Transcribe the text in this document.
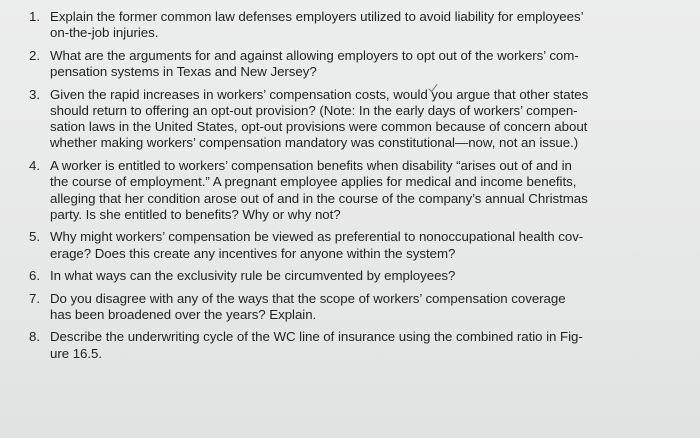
1. Explain the former common law defenses employers utilized to avoid liability for employees’
on-the-job injuries.
2. What are the arguments for and against allowing employers to opt out of the workers’ com-
pensation systems in Texas and New Jersey?
3. Given the rapid increases in workers’ compensation costs, would you argue that other states
should return to offering an opt-out provision? (Note: In the early days of workers’ compen-
sation laws in the United States, opt-out provisions were common because of concern about
whether making workers’ compensation mandatory was constitutional—now, not an issue.)
4. A worker is entitled to workers’ compensation benefits when disability “arises out of and in
the course of employment.” A pregnant employee applies for medical and income benefits,
alleging that her condition arose out of and in the course of the company’s annual Christmas
party. Is she entitled to benefits? Why or why not?
5. Why might workers’ compensation be viewed as preferential to nonoccupational health cov-
erage? Does this create any incentives for anyone within the system?
6. In what ways can the exclusivity rule be circumvented by employees?
7. Do you disagree with any of the ways that the scope of workers’ compensation coverage
has been broadened over the years? Explain.
8. Describe the underwriting cycle of the WC line of insurance using the combined ratio in Fig-
ure 16.5.
